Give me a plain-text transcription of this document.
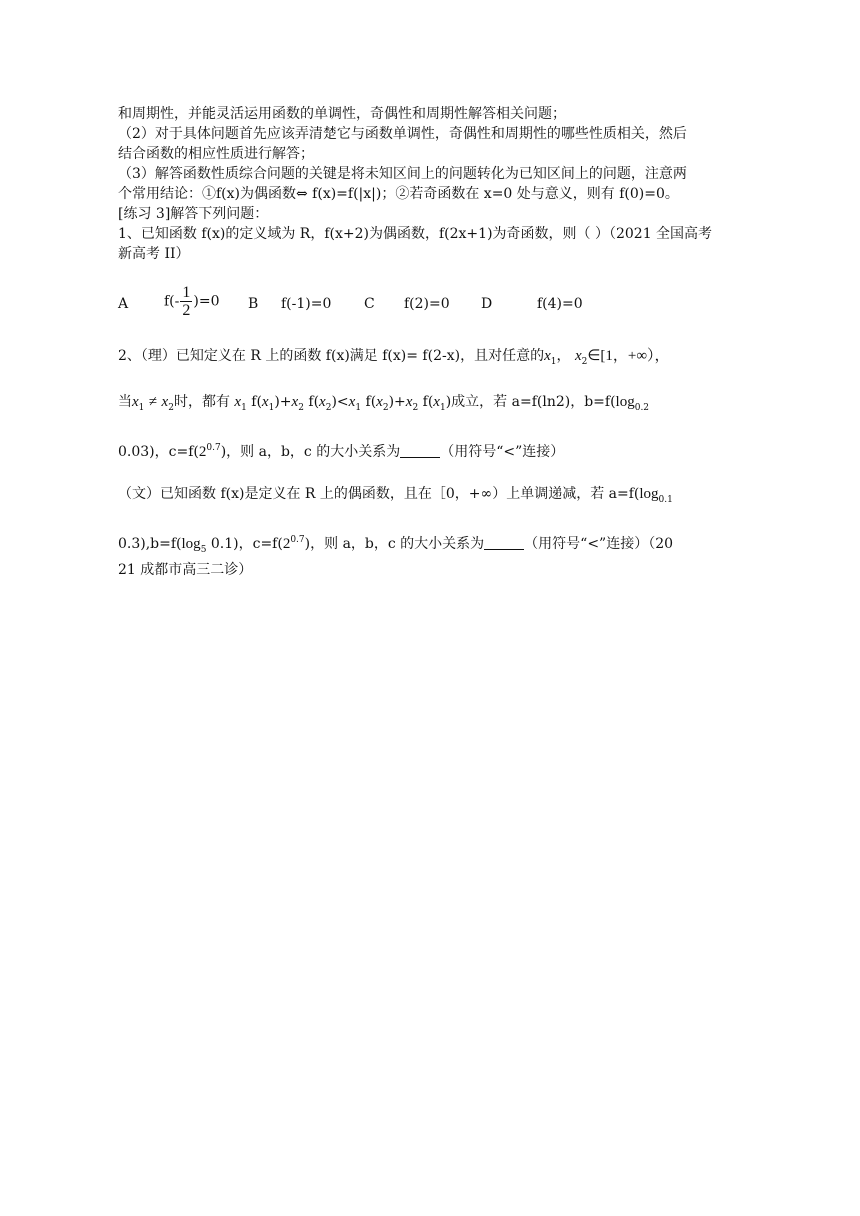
和周期性，并能灵活运用函数的单调性，奇偶性和周期性解答相关问题；
（2）对于具体问题首先应该弄清楚它与函数单调性，奇偶性和周期性的哪些性质相关，然后
结合函数的相应性质进行解答；
（3）解答函数性质综合问题的关键是将未知区间上的问题转化为已知区间上的问题，注意两
个常用结论：①f(x)为偶函数⇔ f(x)=f(|x|)；②若奇函数在 x=0 处与意义，则有 f(0)=0。
[练习 3]解答下列问题：
1、已知函数 f(x)的定义域为 R，f(x+2)为偶函数，f(2x+1)为奇函数，则（ ）（2021 全国高考
新高考 II）
A	$f(- \frac{1}{2} )=0$ B f(-1)=0 C f(2)=0 D	f(4)=0
2、（理）已知定义在 R 上的函数 f(x)满足 f(x)= f(2-x)，且对任意的$x_1$， $x_2\in[1$，+∞），
当$x_1 \ne x_2$时，都有 $x_1$ $f(x_1)+x_2$ $f(x_2)<x_1$ $f(x_2)+x_2$ $f(x_1)$成立，若 a=f(ln2)，$b=f(\log_{0.2}$
0.03)，$c=f(2^{0.7})$，则 a，b，c 的大小关系为	（用符号“<”连接）
（文）已知函数 f(x)是定义在 R 上的偶函数，且在［0，+∞）上单调递减，若 $a=f(\log_{0.1}$
$0.3),b=f(\log_5$ 0.1)，$c=f(2^{0.7})$，则 a，b，c 的大小关系为	（用符号“<”连接）（20
21 成都市高三二诊）
